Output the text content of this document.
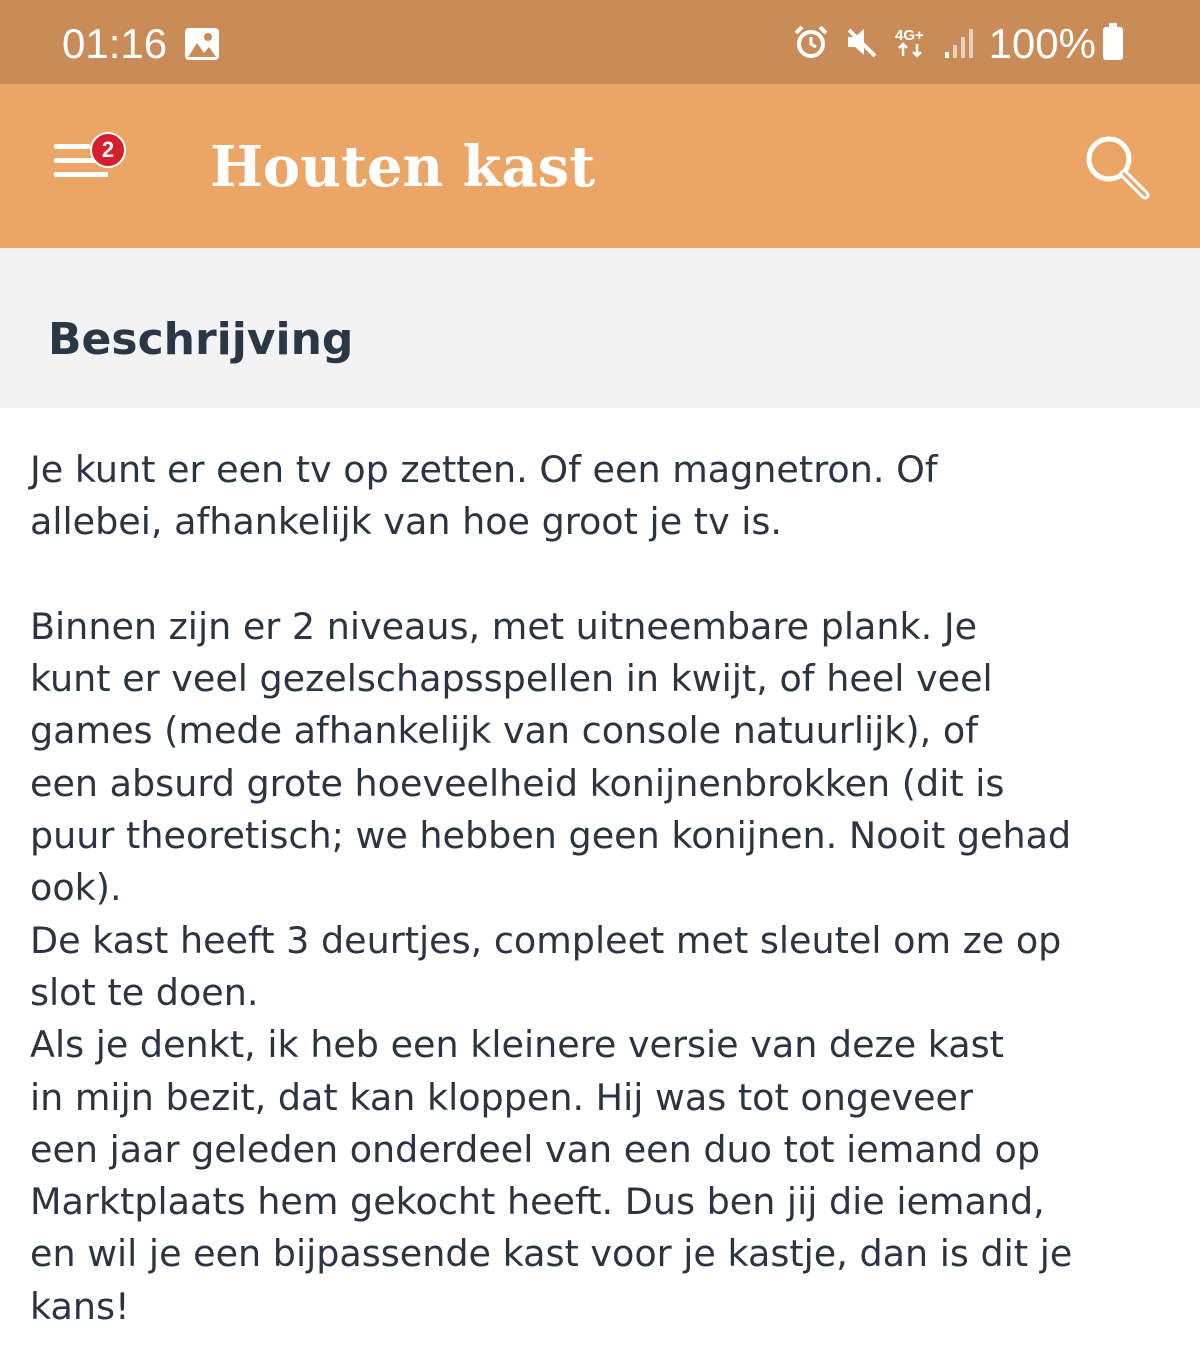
01:16	4G+ 100%
2 Houten kast
Beschrijving

Je kunt er een tv op zetten. Of een magnetron. Of

allebei, afhankelijk van hoe groot je tv is.

Binnen zijn er 2 niveaus, met uitneembare plank. Je

kunt er veel gezelschapsspellen in kwijt, of heel veel

games (mede afhankelijk van console natuurlijk), of

een absurd grote hoeveelheid konijnenbrokken (dit is

puur theoretisch; we hebben geen konijnen. Nooit gehad

ook).

De kast heeft 3 deurtjes, compleet met sleutel om ze op

slot te doen.

Als je denkt, ik heb een kleinere versie van deze kast

in mijn bezit, dat kan kloppen. Hij was tot ongeveer

een jaar geleden onderdeel van een duo tot iemand op

Marktplaats hem gekocht heeft. Dus ben jij die iemand,

en wil je een bijpassende kast voor je kastje, dan is dit je

kans!
